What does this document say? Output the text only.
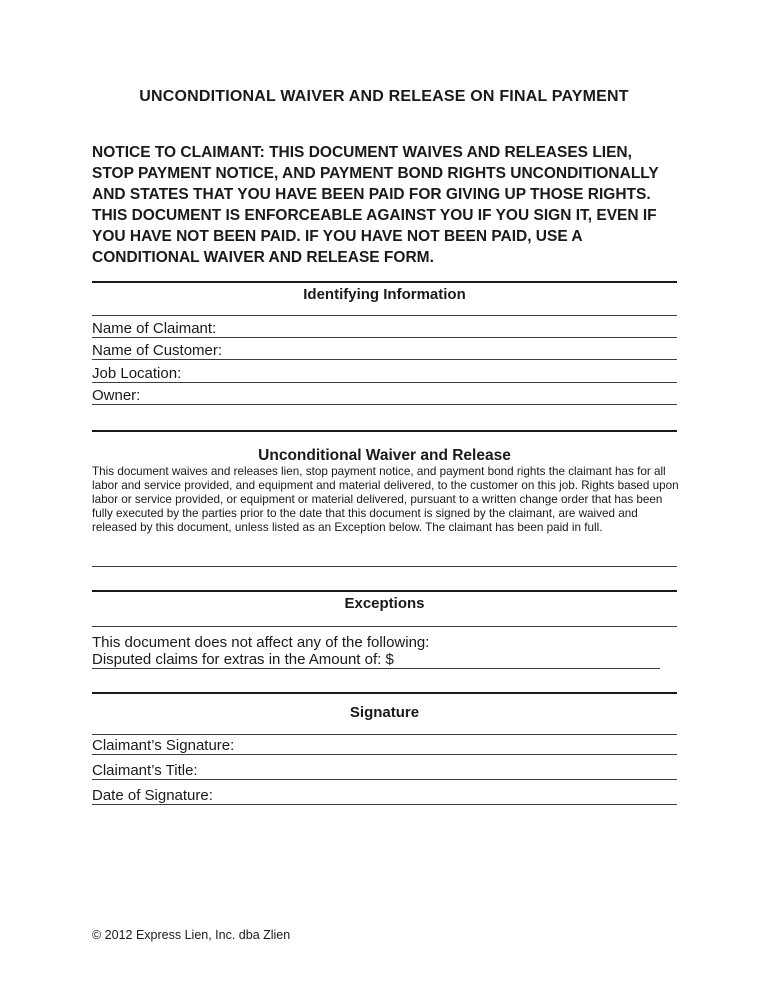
UNCONDITIONAL WAIVER AND RELEASE ON FINAL PAYMENT
NOTICE TO CLAIMANT: THIS DOCUMENT WAIVES AND RELEASES LIEN, STOP PAYMENT NOTICE, AND PAYMENT BOND RIGHTS UNCONDITIONALLY AND STATES THAT YOU HAVE BEEN PAID FOR GIVING UP THOSE RIGHTS. THIS DOCUMENT IS ENFORCEABLE AGAINST YOU IF YOU SIGN IT, EVEN IF YOU HAVE NOT BEEN PAID. IF YOU HAVE NOT BEEN PAID, USE A CONDITIONAL WAIVER AND RELEASE FORM.
Identifying Information
Name of Claimant:
Name of Customer:
Job Location:
Owner:
Unconditional Waiver and Release
This document waives and releases lien, stop payment notice, and payment bond rights the claimant has for all labor and service provided, and equipment and material delivered, to the customer on this job. Rights based upon labor or service provided, or equipment or material delivered, pursuant to a written change order that has been fully executed by the parties prior to the date that this document is signed by the claimant, are waived and released by this document, unless listed as an Exception below. The claimant has been paid in full.
Exceptions
This document does not affect any of the following:
Disputed claims for extras in the Amount of: $
Signature
Claimant’s Signature:
Claimant’s Title:
Date of Signature:
© 2012 Express Lien, Inc. dba Zlien
